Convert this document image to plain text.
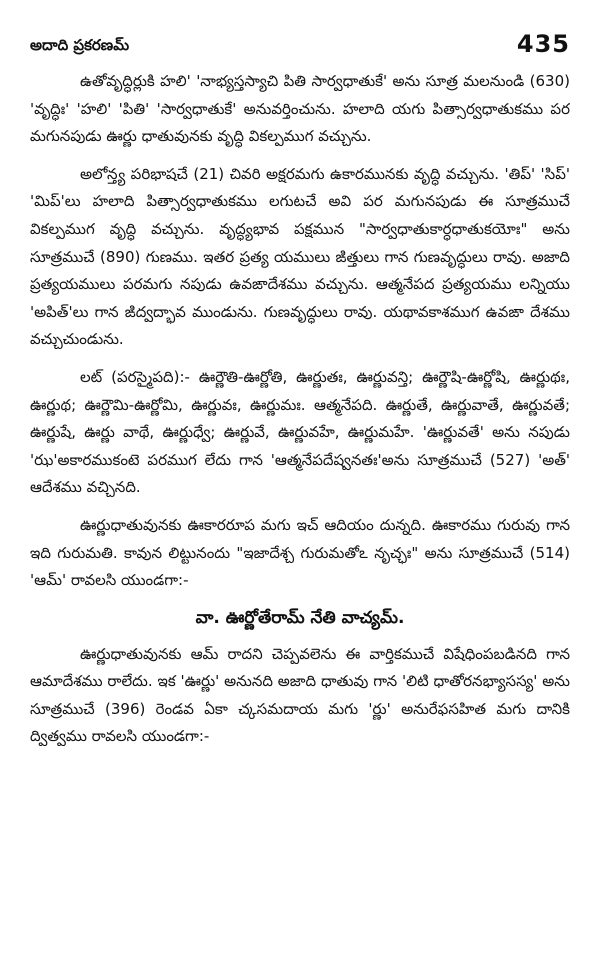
అదాది ప్రకరణమ్	435

ఉతోవృద్ధిర్లుకి హలి' 'నాభ్యస్తస్యాచి పితి సార్వధాతుకే' అను సూత్ర మలనుండి (630) 'వృద్ధిః' 'హలి' 'పితి' 'సార్వధాతుకే' అనువర్తించును. హలాది యగు పిత్సార్వధాతుకము పర మగునపుడు ఊర్ణు ధాతువునకు వృద్ధి వికల్పముగ వచ్చును.

అలోన్త్య పరిభాషచే (21) చివరి అక్షరమగు ఉకారమునకు వృద్ధి వచ్చును. 'తిప్' 'సిప్' 'మిప్'లు హలాది పిత్సార్వధాతుకము లగుటచే అవి పర మగునపుడు ఈ సూత్రముచే వికల్పముగ వృద్ధి వచ్చును. వృద్ధ్యభావ పక్షమున "సార్వధాతుకార్ధధాతుకయోః" అను సూత్రముచే (890) గుణము. ఇతర ప్రత్య యములు ఙిత్తులు గాన గుణవృద్ధులు రావు. అజాది ప్రత్యయములు పరమగు నపుడు ఉవఙాదేశము వచ్చును. ఆత్మనేపద ప్రత్యయము లన్నియు 'అపిత్'లు గాన ఙిద్వద్భావ ముండును. గుణవృద్ధులు రావు. యథావకాశముగ ఉవఙా దేశము వచ్చుచుండును.

లట్ (పరస్మైపది):- ఊర్ణౌతి-ఊర్ణోతి, ఊర్ణుతః, ఊర్ణువన్తి; ఊర్ణౌషి-ఊర్ణోషి, ఊర్ణుథః, ఊర్ణుథ; ఊర్ణౌమి-ఊర్ణోమి, ఊర్ణువః, ఊర్ణుమః. ఆత్మనేపది. ఊర్ణుతే, ఊర్ణువాతే, ఊర్ణువతే; ఊర్ణుషే, ఊర్ణు వాథే, ఊర్ణుధ్వే; ఊర్ణువే, ఊర్ణువహే, ఊర్ణుమహే. 'ఊర్ణువతే' అను నపుడు 'ఝ'అకారముకంటె పరముగ లేదు గాన 'ఆత్మనేపదేష్వనతః'అను సూత్రముచే (527) 'అత్' ఆదేశము వచ్చినది.

ఊర్ణుధాతువునకు ఊకారరూప మగు ఇచ్ ఆదియం దున్నది. ఊకారము గురువు గాన ఇది గురుమతి. కావున లిట్టునందు "ఇజాదేశ్చ గురుమతోఽ నృచ్ఛః" అను సూత్రముచే (514) 'ఆమ్' రావలసి యుండగా:-

వా. ఊర్ణోతేరామ్ నేతి వాచ్యమ్.

ఊర్ణుధాతువునకు ఆమ్ రాదని చెప్పవలెను ఈ వార్తికముచే విషేధింపబడినది గాన ఆమాదేశము రాలేదు. ఇక 'ఊర్ణు' అనునది అజాది ధాతువు గాన 'లిటి ధాతోరనభ్యాసస్య' అను సూత్రముచే (396) రెండవ ఏకా చ్కసమదాయ మగు 'ర్ణు' అనురేఫసహిత మగు దానికి ద్విత్వము రావలసి యుండగా:-
